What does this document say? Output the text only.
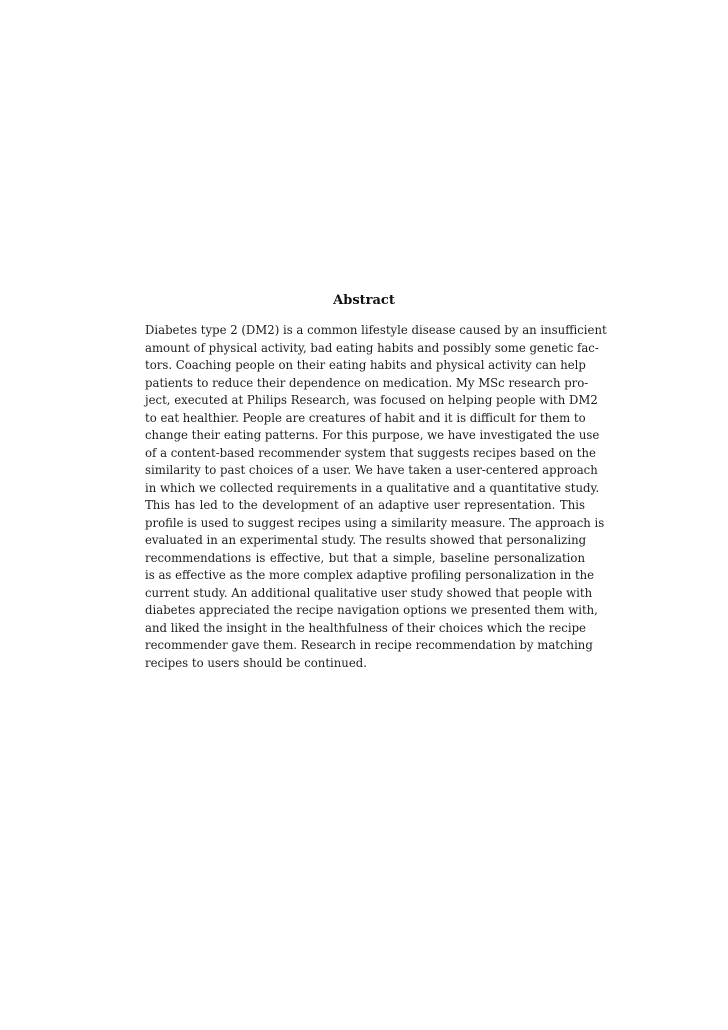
Abstract
Diabetes type 2 (DM2) is a common lifestyle disease caused by an insufficient
amount of physical activity, bad eating habits and possibly some genetic fac-
tors. Coaching people on their eating habits and physical activity can help
patients to reduce their dependence on medication. My MSc research pro-
ject, executed at Philips Research, was focused on helping people with DM2
to eat healthier. People are creatures of habit and it is difficult for them to
change their eating patterns. For this purpose, we have investigated the use
of a content-based recommender system that suggests recipes based on the
similarity to past choices of a user. We have taken a user-centered approach
in which we collected requirements in a qualitative and a quantitative study.
This has led to the development of an adaptive user representation. This
profile is used to suggest recipes using a similarity measure. The approach is
evaluated in an experimental study. The results showed that personalizing
recommendations is effective, but that a simple, baseline personalization
is as effective as the more complex adaptive profiling personalization in the
current study. An additional qualitative user study showed that people with
diabetes appreciated the recipe navigation options we presented them with,
and liked the insight in the healthfulness of their choices which the recipe
recommender gave them. Research in recipe recommendation by matching
recipes to users should be continued.
